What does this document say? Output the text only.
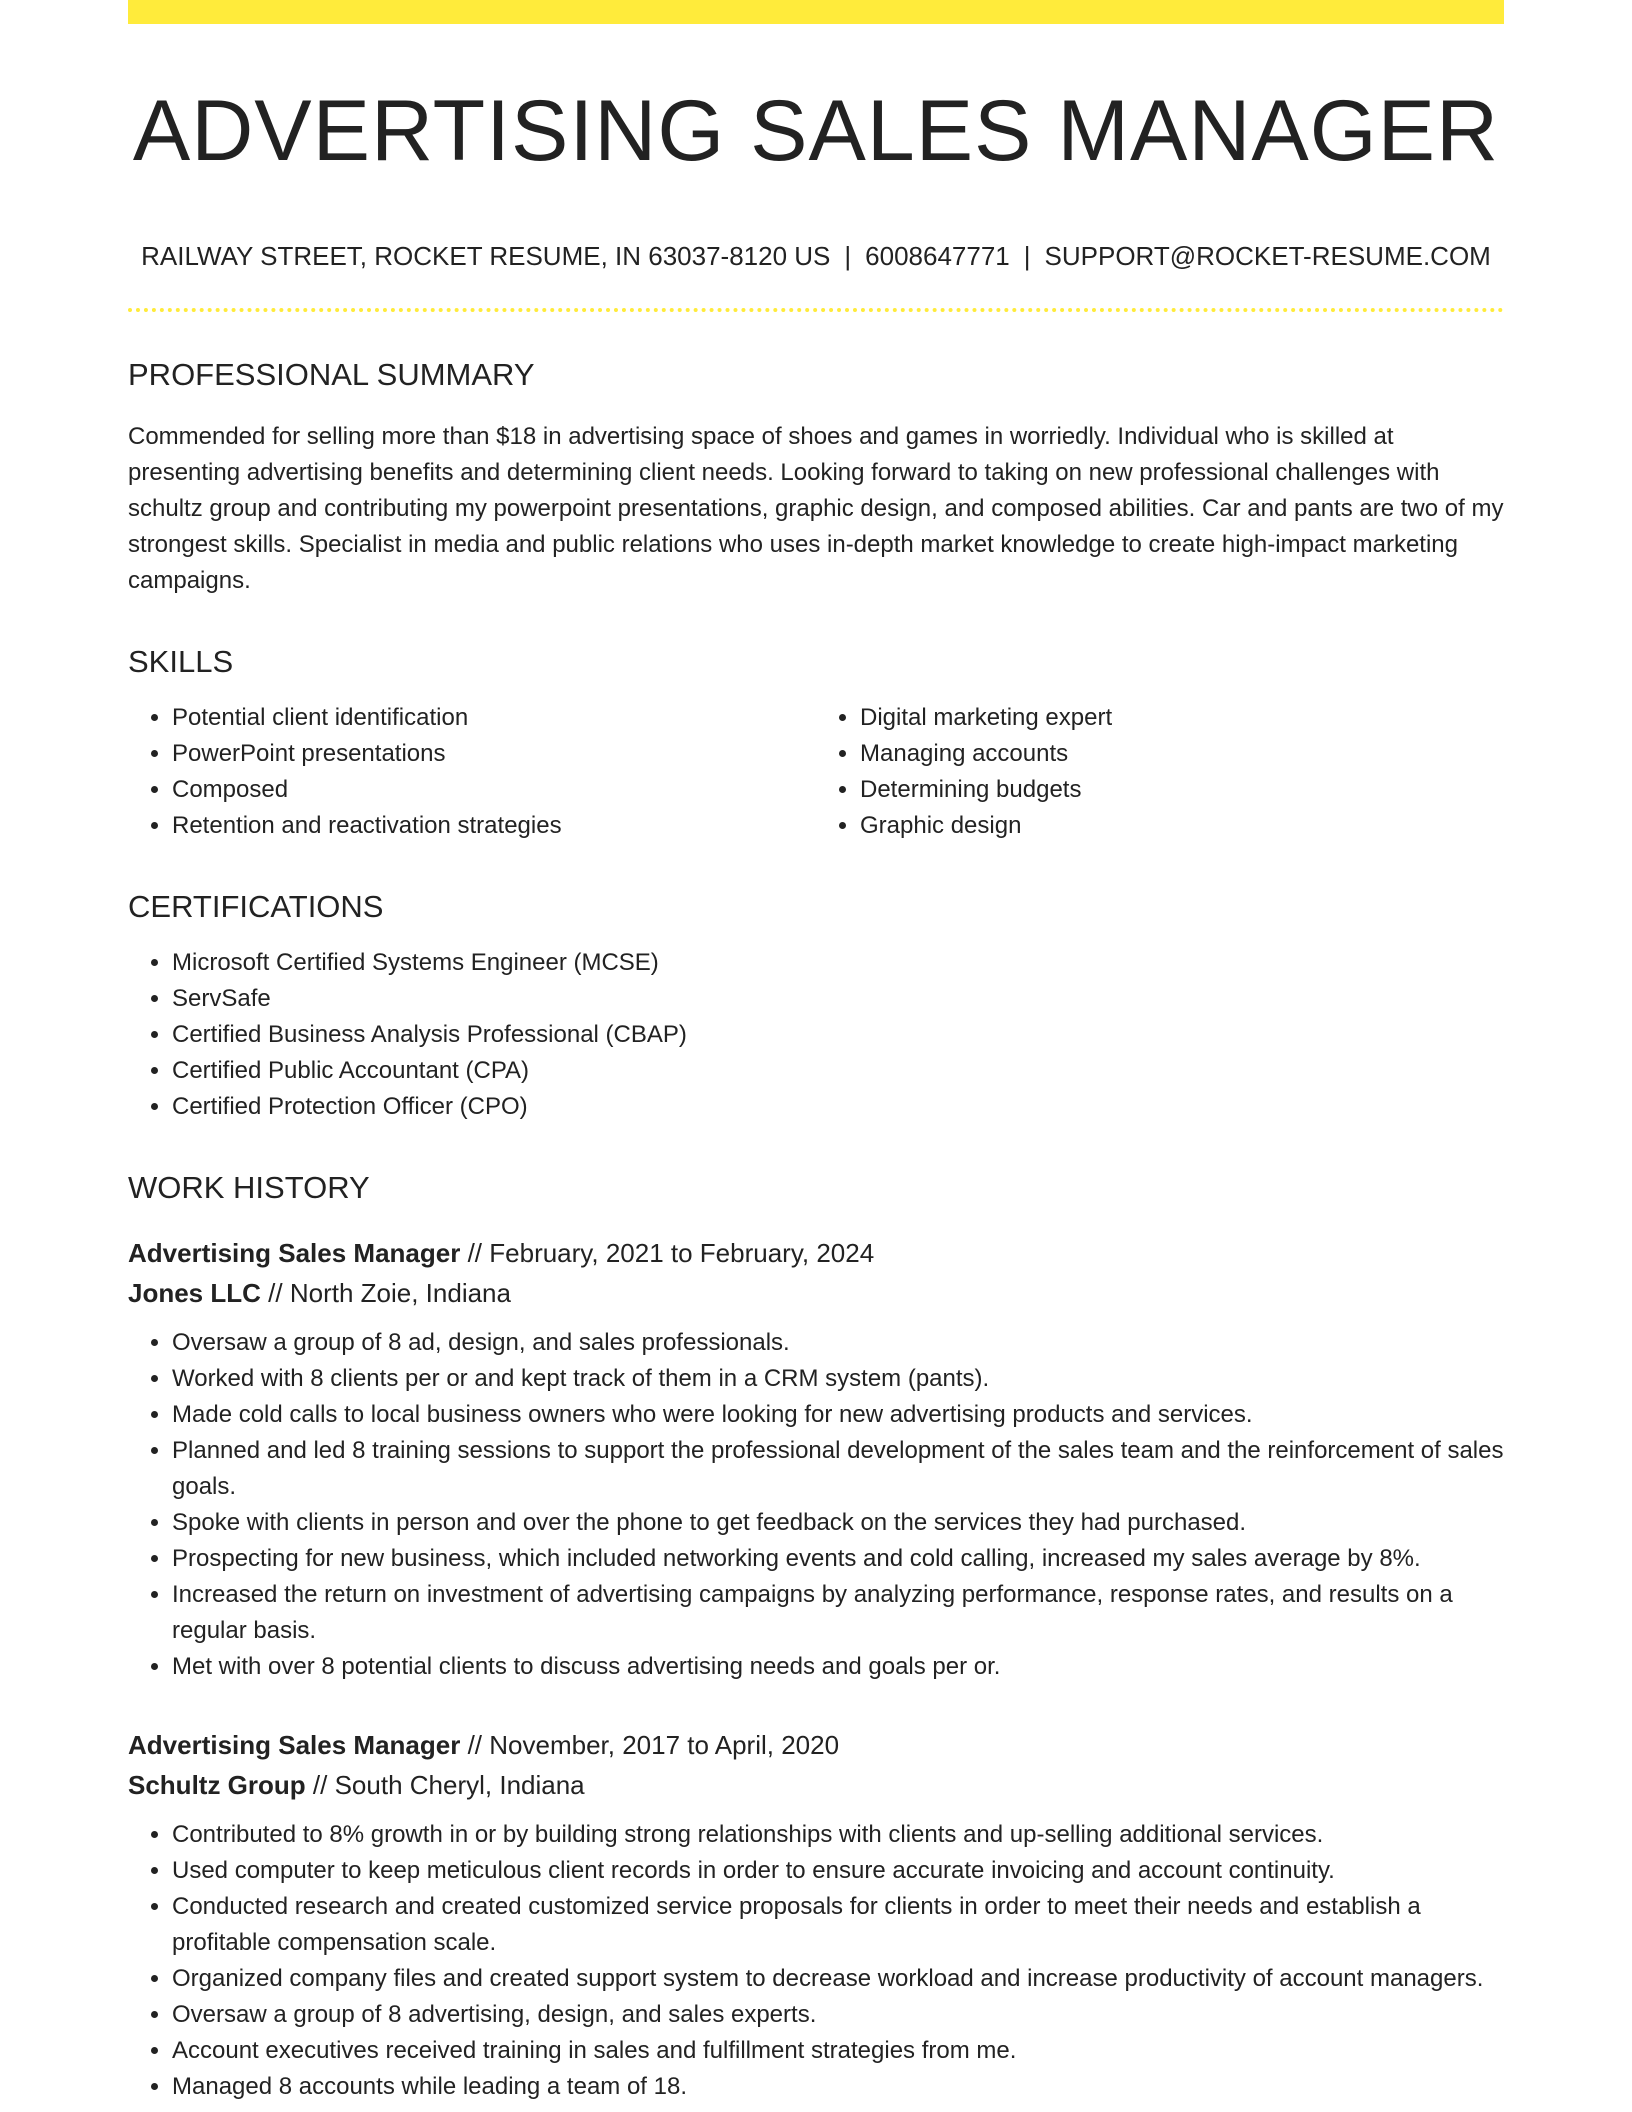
ADVERTISING SALES MANAGER
RAILWAY STREET, ROCKET RESUME, IN 63037-8120 US | 6008647771 | SUPPORT@ROCKET-RESUME.COM
PROFESSIONAL SUMMARY

Commended for selling more than $18 in advertising space of shoes and games in worriedly. Individual who is skilled at presenting advertising benefits and determining client needs. Looking forward to taking on new professional challenges with schultz group and contributing my powerpoint presentations, graphic design, and composed abilities. Car and pants are two of my strongest skills. Specialist in media and public relations who uses in-depth market knowledge to create high-impact marketing campaigns.

SKILLS
• Potential client identification
• PowerPoint presentations
• Composed
• Retention and reactivation strategies
• Digital marketing expert
• Managing accounts
• Determining budgets
• Graphic design
CERTIFICATIONS
• Microsoft Certified Systems Engineer (MCSE)
• ServSafe
• Certified Business Analysis Professional (CBAP)
• Certified Public Accountant (CPA)
• Certified Protection Officer (CPO)
WORK HISTORY
Advertising Sales Manager // February, 2021 to February, 2024
Jones LLC // North Zoie, Indiana
• Oversaw a group of 8 ad, design, and sales professionals.
• Worked with 8 clients per or and kept track of them in a CRM system (pants).
• Made cold calls to local business owners who were looking for new advertising products and services.
• Planned and led 8 training sessions to support the professional development of the sales team and the reinforcement of sales goals.
• Spoke with clients in person and over the phone to get feedback on the services they had purchased.
• Prospecting for new business, which included networking events and cold calling, increased my sales average by 8%.
• Increased the return on investment of advertising campaigns by analyzing performance, response rates, and results on a regular basis.
• Met with over 8 potential clients to discuss advertising needs and goals per or.
Advertising Sales Manager // November, 2017 to April, 2020
Schultz Group // South Cheryl, Indiana
• Contributed to 8% growth in or by building strong relationships with clients and up-selling additional services.
• Used computer to keep meticulous client records in order to ensure accurate invoicing and account continuity.
• Conducted research and created customized service proposals for clients in order to meet their needs and establish a profitable compensation scale.
• Organized company files and created support system to decrease workload and increase productivity of account managers.
• Oversaw a group of 8 advertising, design, and sales experts.
• Account executives received training in sales and fulfillment strategies from me.
• Managed 8 accounts while leading a team of 18.
